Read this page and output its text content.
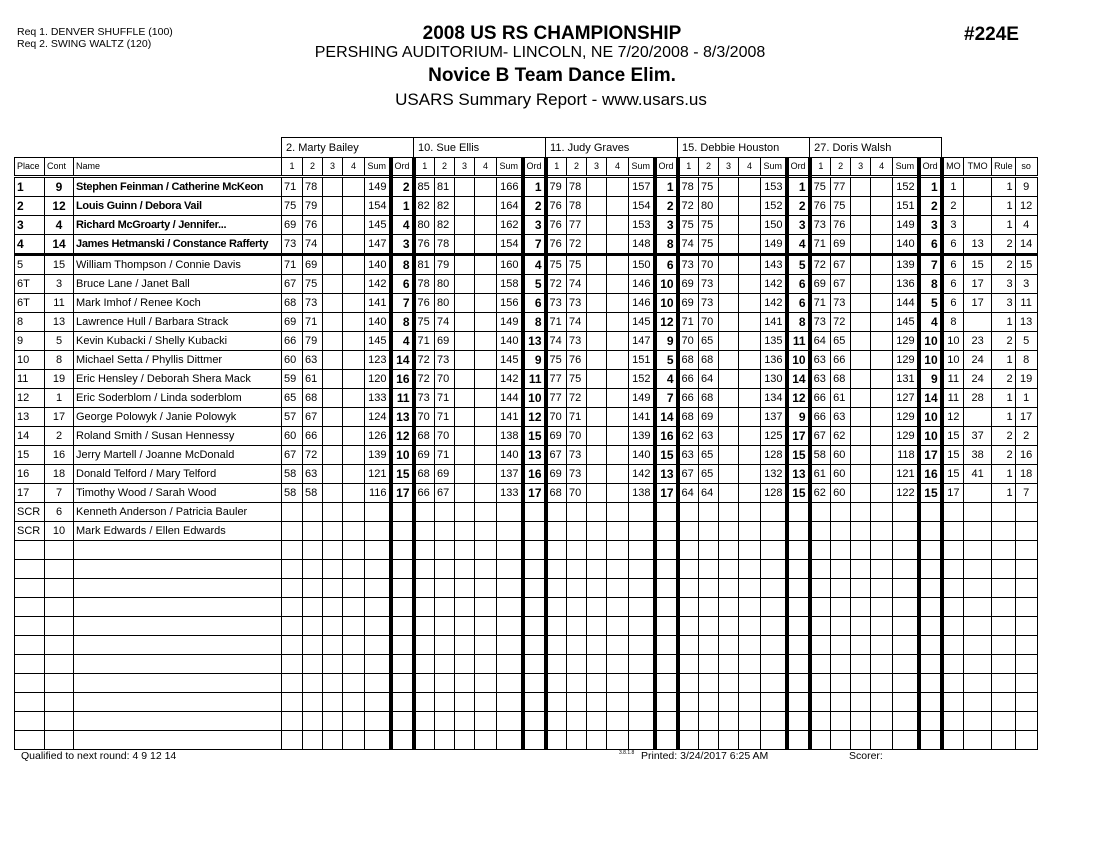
Req 1. DENVER SHUFFLE (100)
Req 2. SWING WALTZ (120)	2008 US RS CHAMPIONSHIP
PERSHING AUDITORIUM- LINCOLN, NE 7/20/2008 - 8/3/2008
Novice B Team Dance Elim.
USARS Summary Report - www.usars.us
#224E
			2. Marty Bailey						10. Sue Ellis						11. Judy Graves						15. Debbie Houston						27. Doris Walsh									
Place	Cont	Name	1	2	3	4	Sum	Ord	1	2	3	4	Sum	Ord	1	2	3	4	Sum	Ord	1	2	3	4	Sum	Ord	1	2	3	4	Sum	Ord	MO	TMO	Rule	so
1	9	Stephen Feinman / Catherine McKeon	71	78			149	2	85	81			166	1	79	78			157	1	78	75			153	1	75	77			152	1	1		1	9
2	12	Louis Guinn / Debora Vail	75	79			154	1	82	82			164	2	76	78			154	2	72	80			152	2	76	75			151	2	2		1	12
3	4	Richard McGroarty / Jennifer...	69	76			145	4	80	82			162	3	76	77			153	3	75	75			150	3	73	76			149	3	3		1	4
4	14	James Hetmanski / Constance Rafferty	73	74			147	3	76	78			154	7	76	72			148	8	74	75			149	4	71	69			140	6	6	13	2	14
5	15	William Thompson / Connie Davis	71	69			140	8	81	79			160	4	75	75			150	6	73	70			143	5	72	67			139	7	6	15	2	15
6T	3	Bruce Lane / Janet Ball	67	75			142	6	78	80			158	5	72	74			146	10	69	73			142	6	69	67			136	8	6	17	3	3
6T	11	Mark Imhof / Renee Koch	68	73			141	7	76	80			156	6	73	73			146	10	69	73			142	6	71	73			144	5	6	17	3	11
8	13	Lawrence Hull / Barbara Strack	69	71			140	8	75	74			149	8	71	74			145	12	71	70			141	8	73	72			145	4	8		1	13
9	5	Kevin Kubacki / Shelly Kubacki	66	79			145	4	71	69			140	13	74	73			147	9	70	65			135	11	64	65			129	10	10	23	2	5
10	8	Michael Setta / Phyllis Dittmer	60	63			123	14	72	73			145	9	75	76			151	5	68	68			136	10	63	66			129	10	10	24	1	8
11	19	Eric Hensley / Deborah Shera Mack	59	61			120	16	72	70			142	11	77	75			152	4	66	64			130	14	63	68			131	9	11	24	2	19
12	1	Eric Soderblom / Linda soderblom	65	68			133	11	73	71			144	10	77	72			149	7	66	68			134	12	66	61			127	14	11	28	1	1
13	17	George Polowyk / Janie Polowyk	57	67			124	13	70	71			141	12	70	71			141	14	68	69			137	9	66	63			129	10	12		1	17
14	2	Roland Smith / Susan Hennessy	60	66			126	12	68	70			138	15	69	70			139	16	62	63			125	17	67	62			129	10	15	37	2	2
15	16	Jerry Martell / Joanne McDonald	67	72			139	10	69	71			140	13	67	73			140	15	63	65			128	15	58	60			118	17	15	38	2	16
16	18	Donald Telford / Mary Telford	58	63			121	15	68	69			137	16	69	73			142	13	67	65			132	13	61	60			121	16	15	41	1	18
17	7	Timothy Wood / Sarah Wood	58	58			116	17	66	67			133	17	68	70			138	17	64	64			128	15	62	60			122	15	17		1	7
SCR	6	Kenneth Anderson / Patricia Bauler																																		
SCR	10	Mark Edwards / Ellen Edwards																																		

Qualified to next round: 4 9 12 14	3.8.1.8 Printed: 3/24/2017 6:25 AM	Scorer:
